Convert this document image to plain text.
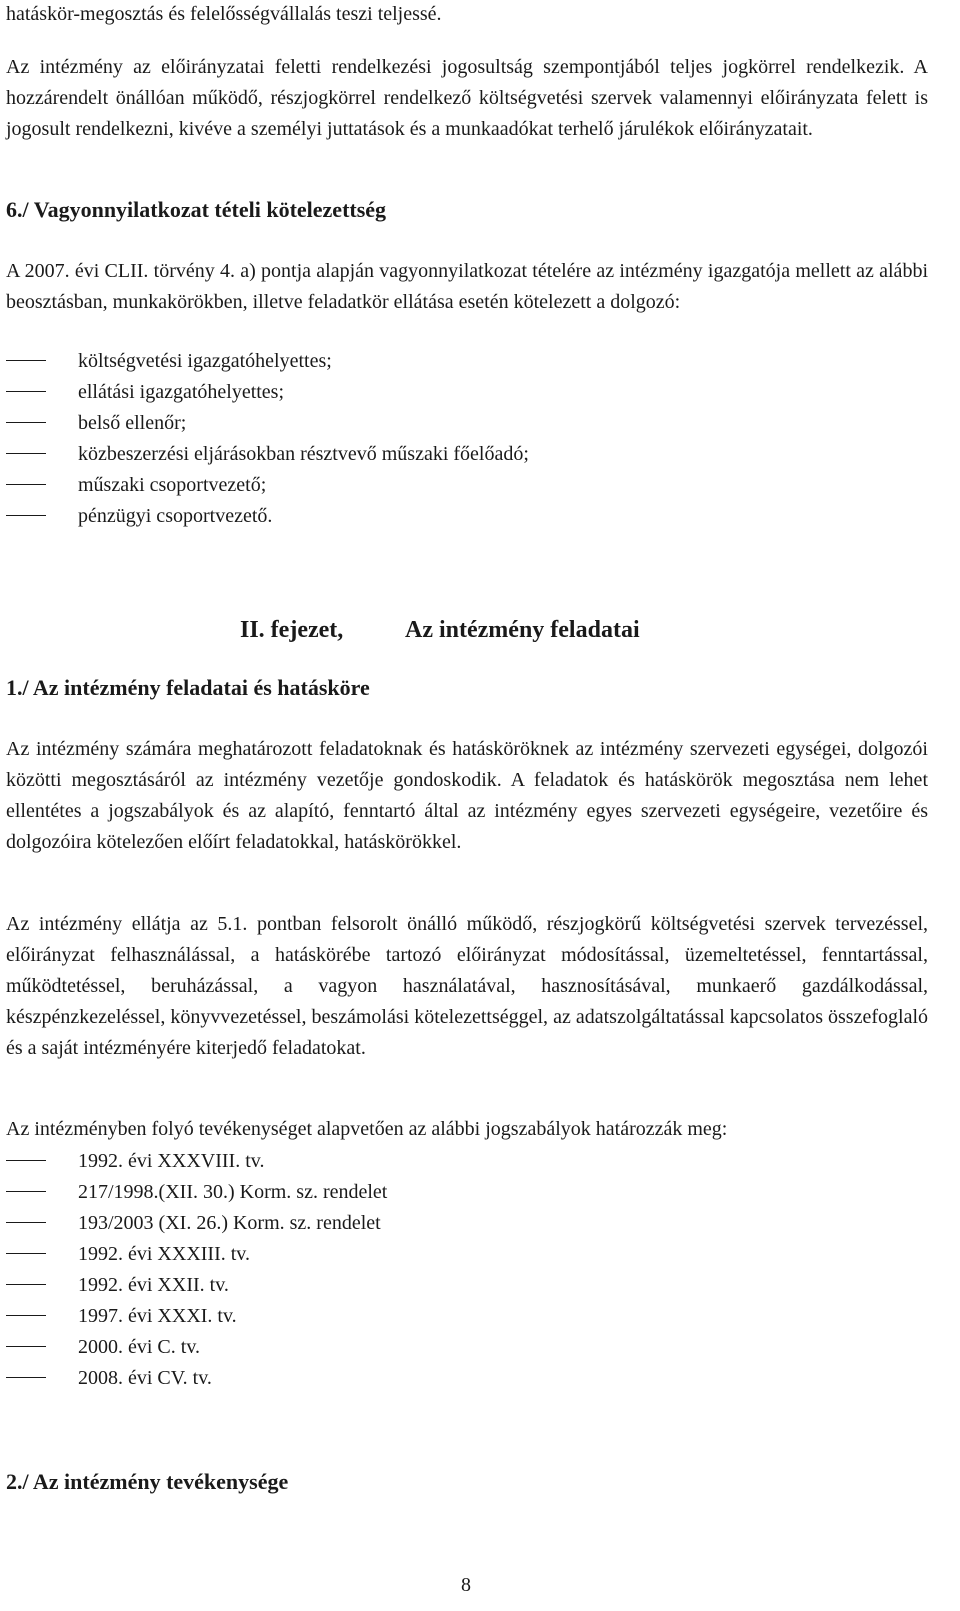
hatáskör-megosztás és felelősségvállalás teszi teljessé.
Az intézmény az előirányzatai feletti rendelkezési jogosultság szempontjából teljes jogkörrel rendelkezik. A hozzárendelt önállóan működő, részjogkörrel rendelkező költségvetési szervek valamennyi előirányzata felett is jogosult rendelkezni, kivéve a személyi juttatások és a munkaadókat terhelő járulékok előirányzatait.
6./ Vagyonnyilatkozat tételi kötelezettség
A 2007. évi CLII. törvény 4. a) pontja alapján vagyonnyilatkozat tételére az intézmény igazgatója mellett az alábbi beosztásban, munkakörökben, illetve feladatkör ellátása esetén kötelezett a dolgozó:
költségvetési igazgatóhelyettes;
ellátási igazgatóhelyettes;
belső ellenőr;
közbeszerzési eljárásokban résztvevő műszaki főelőadó;
műszaki csoportvezető;
pénzügyi csoportvezető.
II. fejezet,	Az intézmény feladatai
1./ Az intézmény feladatai és hatásköre
Az intézmény számára meghatározott feladatoknak és hatásköröknek az intézmény szervezeti egységei, dolgozói közötti megosztásáról az intézmény vezetője gondoskodik. A feladatok és hatáskörök megosztása nem lehet ellentétes a jogszabályok és az alapító, fenntartó által az intézmény egyes szervezeti egységeire, vezetőire és dolgozóira kötelezően előírt feladatokkal, hatáskörökkel.
Az intézmény ellátja az 5.1. pontban felsorolt önálló működő, részjogkörű költségvetési szervek tervezéssel, előirányzat felhasználással, a hatáskörébe tartozó előirányzat módosítással, üzemeltetéssel, fenntartással, működtetéssel, beruházással, a vagyon használatával, hasznosításával, munkaerő gazdálkodással, készpénzkezeléssel, könyvvezetéssel, beszámolási kötelezettséggel, az adatszolgáltatással kapcsolatos összefoglaló és a saját intézményére kiterjedő feladatokat.
Az intézményben folyó tevékenységet alapvetően az alábbi jogszabályok határozzák meg:
1992. évi XXXVIII. tv.
217/1998.(XII. 30.) Korm. sz. rendelet
193/2003 (XI. 26.) Korm. sz. rendelet
1992. évi XXXIII. tv.
1992. évi XXII. tv.
1997. évi XXXI. tv.
2000. évi C. tv.
2008. évi CV. tv.
2./ Az intézmény tevékenysége
8
